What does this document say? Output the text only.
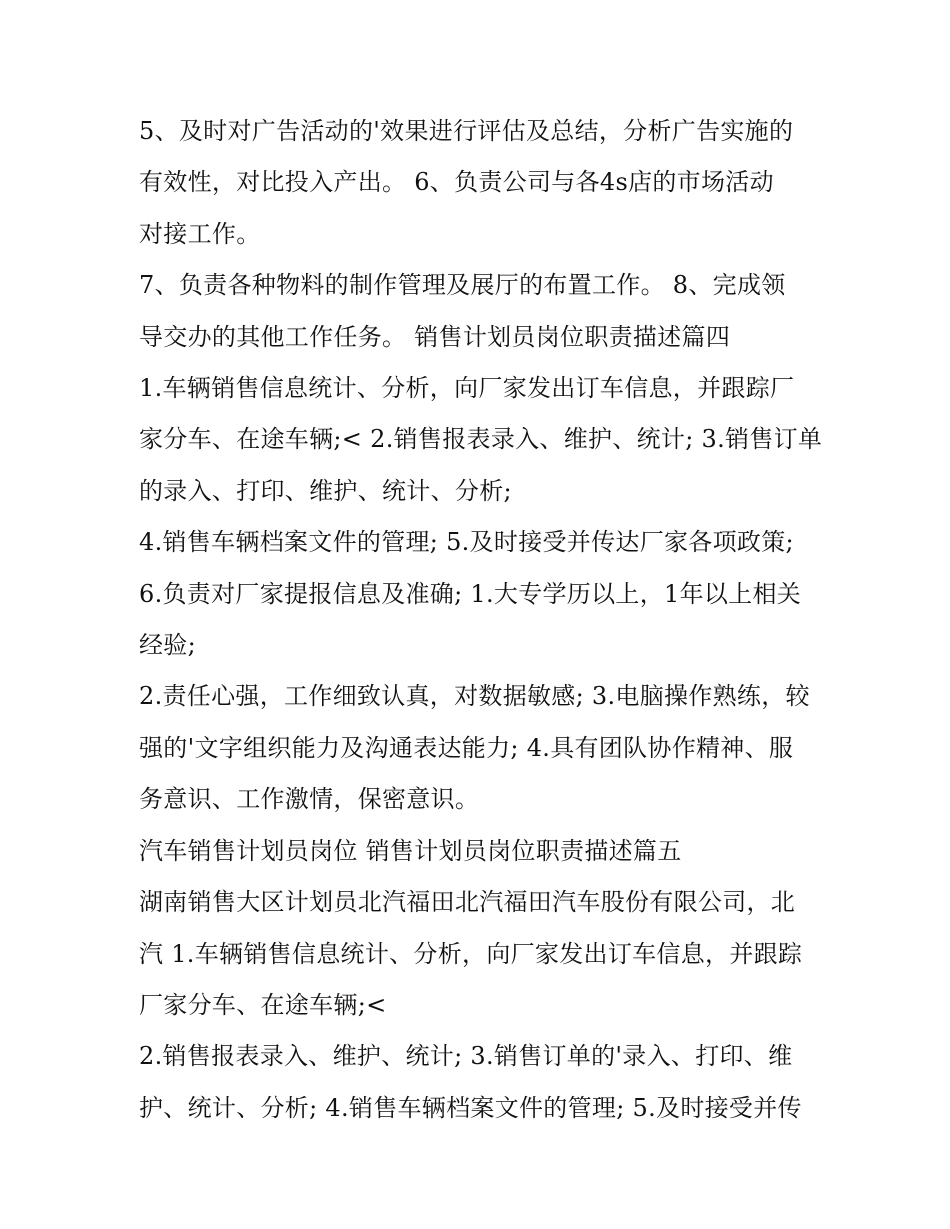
5、及时对广告活动的'效果进行评估及总结，分析广告实施的
有效性，对比投入产出。 6、负责公司与各4s店的市场活动
对接工作。

7、负责各种物料的制作管理及展厅的布置工作。 8、完成领
导交办的其他工作任务。 销售计划员岗位职责描述篇四

1.车辆销售信息统计、分析，向厂家发出订车信息，并跟踪厂
家分车、在途车辆;< 2.销售报表录入、维护、统计; 3.销售订单
的录入、打印、维护、统计、分析;

4.销售车辆档案文件的管理; 5.及时接受并传达厂家各项政策;

6.负责对厂家提报信息及准确; 1.大专学历以上，1年以上相关
经验;

2.责任心强，工作细致认真，对数据敏感; 3.电脑操作熟练，较
强的'文字组织能力及沟通表达能力; 4.具有团队协作精神、服
务意识、工作激情，保密意识。

汽车销售计划员岗位 销售计划员岗位职责描述篇五

湖南销售大区计划员北汽福田北汽福田汽车股份有限公司，北
汽 1.车辆销售信息统计、分析，向厂家发出订车信息，并跟踪
厂家分车、在途车辆;<

2.销售报表录入、维护、统计; 3.销售订单的'录入、打印、维
护、统计、分析; 4.销售车辆档案文件的管理; 5.及时接受并传
